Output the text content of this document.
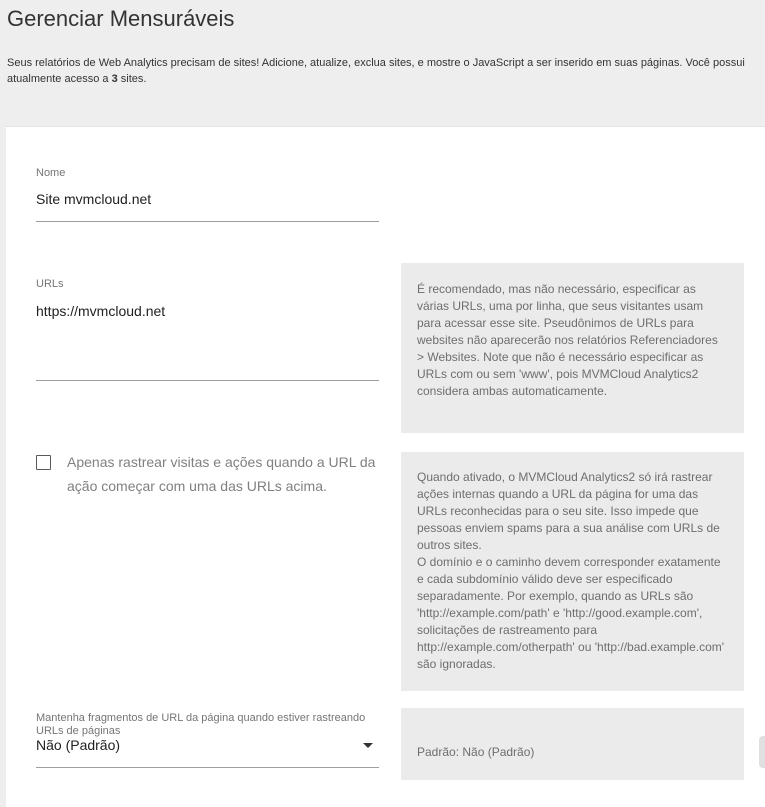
Gerenciar Mensuráveis
Seus relatórios de Web Analytics precisam de sites! Adicione, atualize, exclua sites, e mostre o JavaScript a ser inserido em suas páginas. Você possui atualmente acesso a 3 sites.
Nome
Site mvmcloud.net
URLs
https://mvmcloud.net

É recomendado, mas não necessário, especificar as várias URLs, uma por linha, que seus visitantes usam para acessar esse site. Pseudônimos de URLs para websites não aparecerão nos relatórios Referenciadores > Websites. Note que não é necessário especificar as URLs com ou sem 'www', pois MVMCloud Analytics2 considera ambas automaticamente.

Apenas rastrear visitas e ações quando a URL da ação começar com uma das URLs acima.

Quando ativado, o MVMCloud Analytics2 só irá rastrear ações internas quando a URL da página for uma das URLs reconhecidas para o seu site. Isso impede que pessoas enviem spams para a sua análise com URLs de outros sites.

O domínio e o caminho devem corresponder exatamente e cada subdomínio válido deve ser especificado separadamente. Por exemplo, quando as URLs são 'http://example.com/path' e 'http://good.example.com', solicitações de rastreamento para http://example.com/otherpath' ou 'http://bad.example.com' são ignoradas.

Mantenha fragmentos de URL da página quando estiver rastreando URLs de páginas
Não (Padrão)	Padrão: Não (Padrão)
